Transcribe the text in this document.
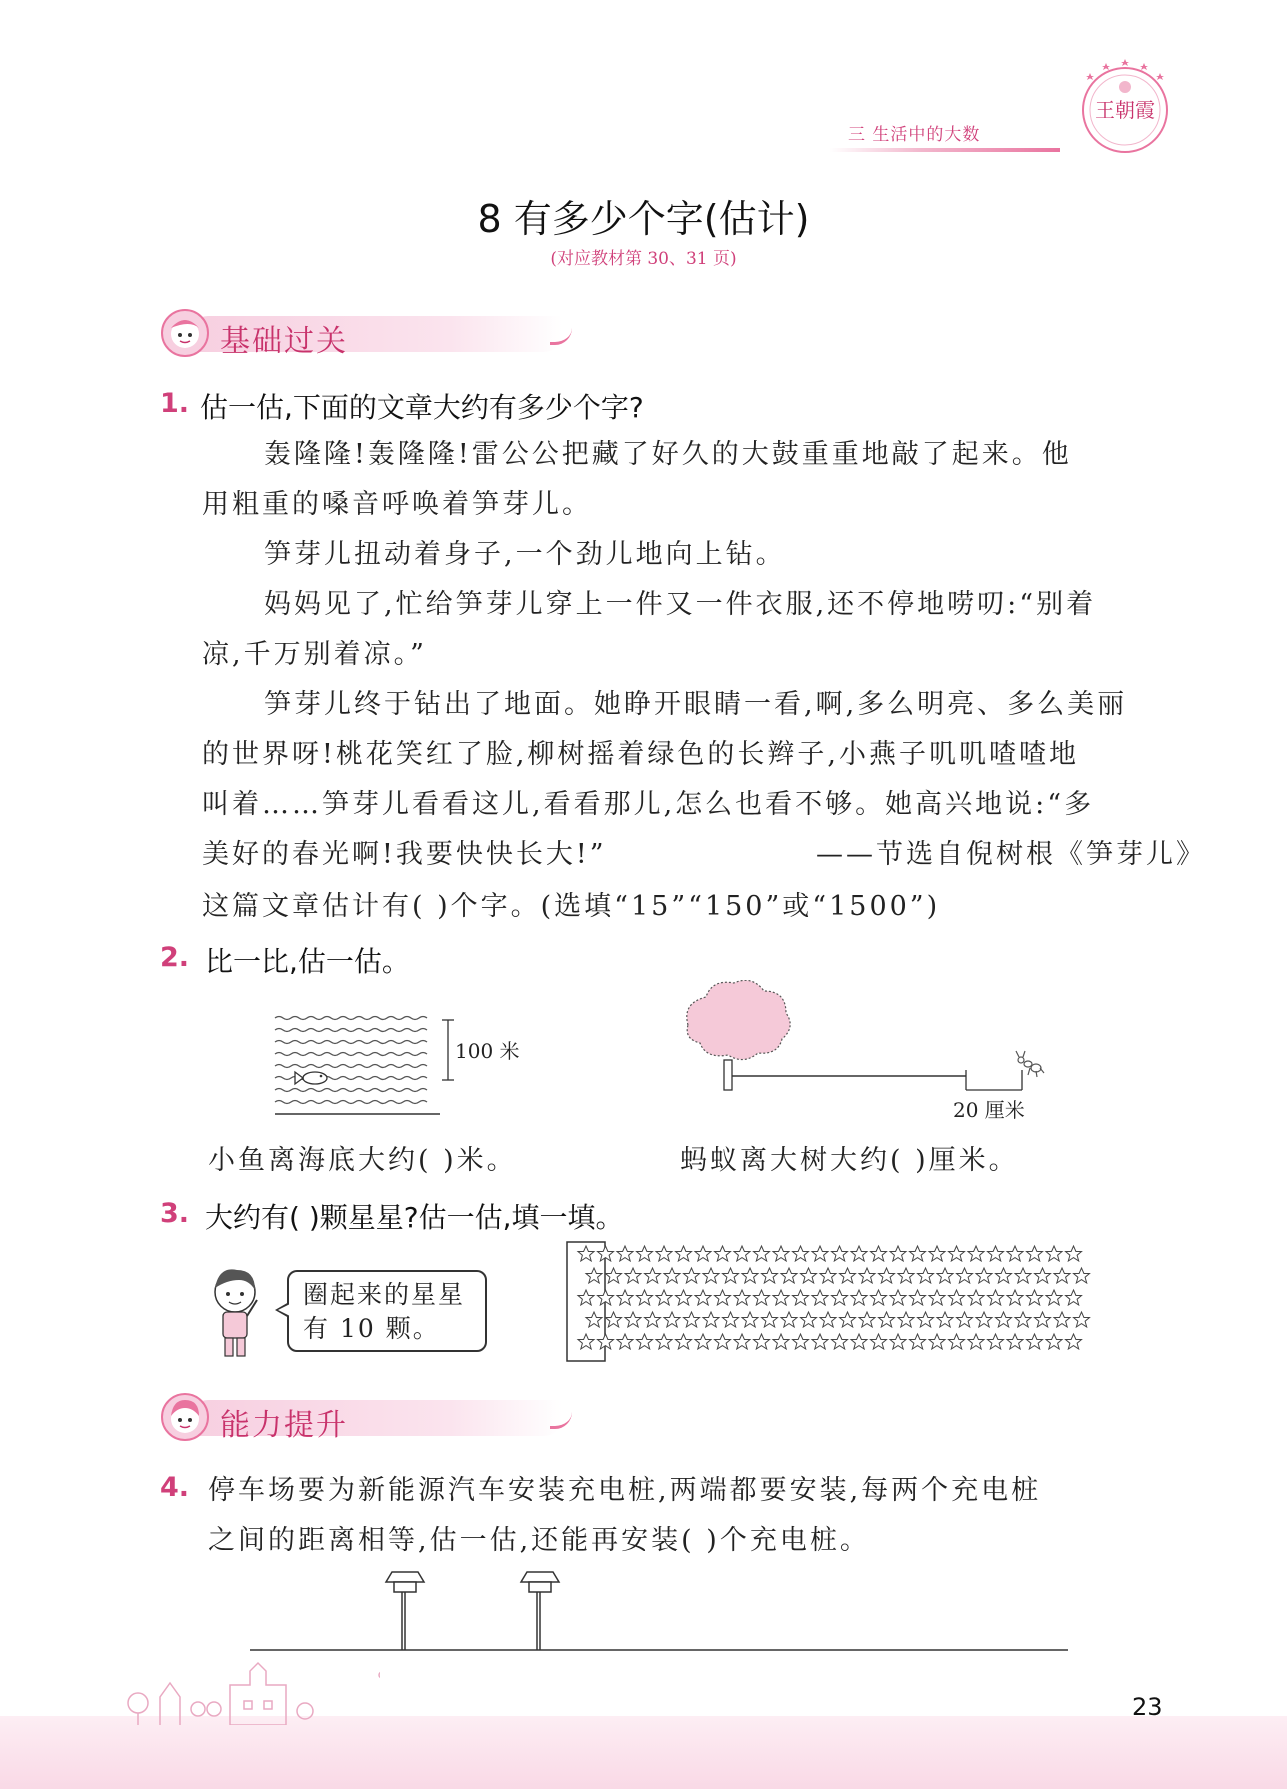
三 生活中的大数
王朝霞
8 有多少个字(估计)
(对应教材第 30、31 页)
基础过关
1. 估一估,下面的文章大约有多少个字?
轰隆隆!轰隆隆!雷公公把藏了好久的大鼓重重地敲了起来。他
用粗重的嗓音呼唤着笋芽儿。
笋芽儿扭动着身子,一个劲儿地向上钻。
妈妈见了,忙给笋芽儿穿上一件又一件衣服,还不停地唠叨:“别着
凉,千万别着凉。”
笋芽儿终于钻出了地面。她睁开眼睛一看,啊,多么明亮、多么美丽
的世界呀!桃花笑红了脸,柳树摇着绿色的长辫子,小燕子叽叽喳喳地
叫着……笋芽儿看看这儿,看看那儿,怎么也看不够。她高兴地说:“多
美好的春光啊!我要快快长大!”	——节选自倪树根《笋芽儿》
这篇文章估计有( )个字。(选填“15”“150”或“1500”)
2. 比一比,估一估。
100 米
20 厘米
小鱼离海底大约( )米。	蚂蚁离大树大约( )厘米。
3. 大约有( )颗星星?估一估,填一填。
圈起来的星星
有 10 颗。
能力提升
4. 停车场要为新能源汽车安装充电桩,两端都要安装,每两个充电桩
之间的距离相等,估一估,还能再安装( )个充电桩。
23
